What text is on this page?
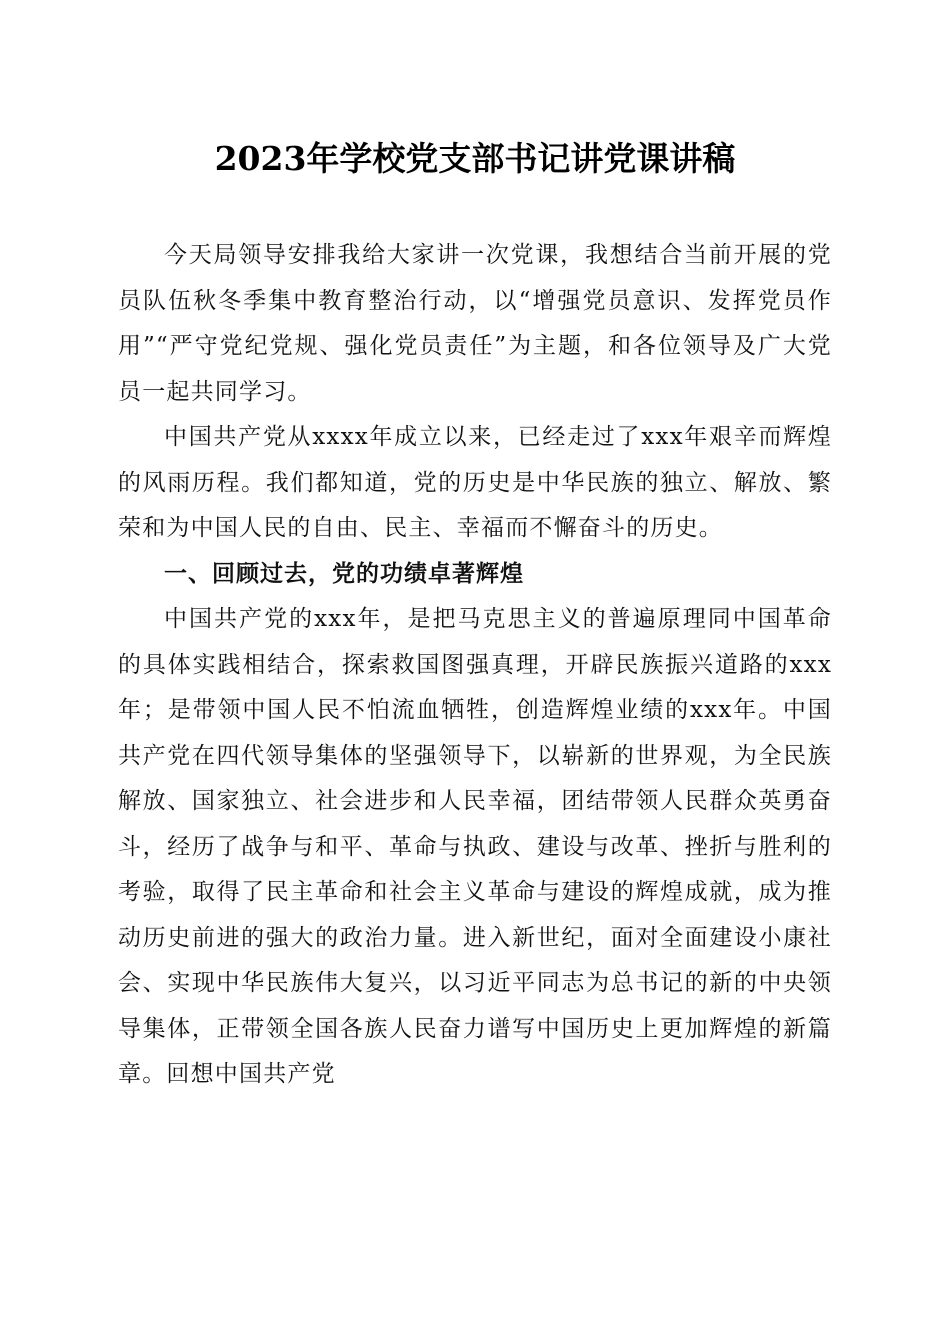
2023年学校党支部书记讲党课讲稿

今天局领导安排我给大家讲一次党课，我想结合当前开展的党员队伍秋冬季集中教育整治行动，以“增强党员意识、发挥党员作用”“严守党纪党规、强化党员责任”为主题，和各位领导及广大党员一起共同学习。

中国共产党从xxxx年成立以来，已经走过了xxx年艰辛而辉煌的风雨历程。我们都知道，党的历史是中华民族的独立、解放、繁荣和为中国人民的自由、民主、幸福而不懈奋斗的历史。

一、回顾过去，党的功绩卓著辉煌

中国共产党的xxx年，是把马克思主义的普遍原理同中国革命的具体实践相结合，探索救国图强真理，开辟民族振兴道路的xxx年；是带领中国人民不怕流血牺牲，创造辉煌业绩的xxx年。中国共产党在四代领导集体的坚强领导下，以崭新的世界观，为全民族解放、国家独立、社会进步和人民幸福，团结带领人民群众英勇奋斗，经历了战争与和平、革命与执政、建设与改革、挫折与胜利的考验，取得了民主革命和社会主义革命与建设的辉煌成就，成为推动历史前进的强大的政治力量。进入新世纪，面对全面建设小康社会、实现中华民族伟大复兴，以习近平同志为总书记的新的中央领导集体，正带领全国各族人民奋力谱写中国历史上更加辉煌的新篇章。回想中国共产党
